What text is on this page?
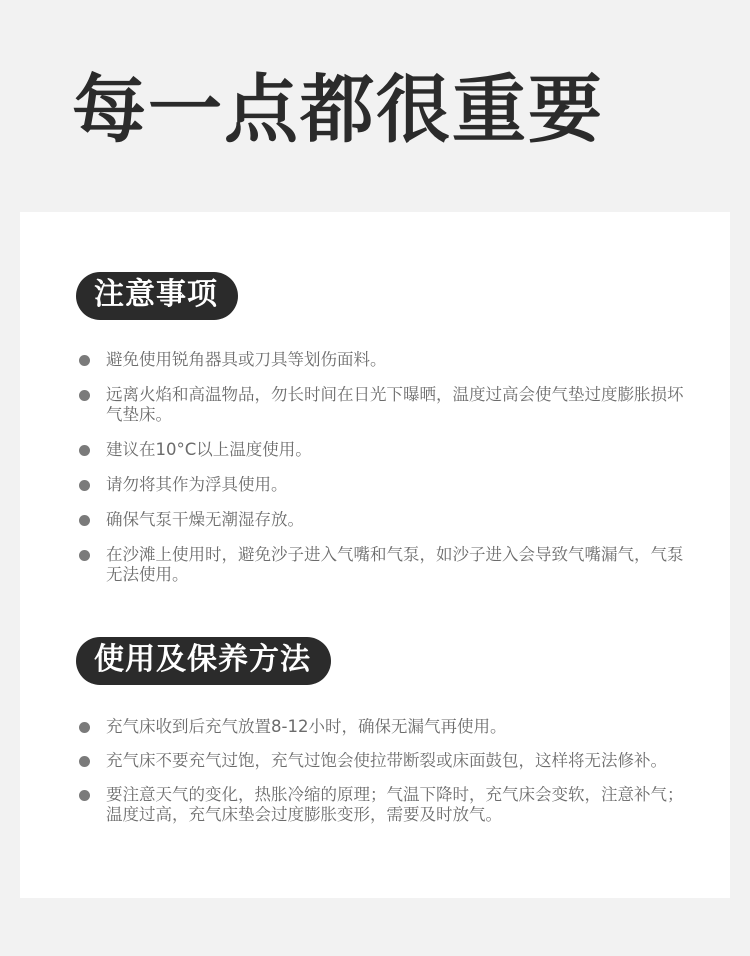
每一点都很重要
注意事项
避免使用锐角器具或刀具等划伤面料。
远离火焰和高温物品，勿长时间在日光下曝晒，温度过高会使气垫过度膨胀损坏气垫床。
建议在10°C以上温度使用。
请勿将其作为浮具使用。
确保气泵干燥无潮湿存放。
在沙滩上使用时，避免沙子进入气嘴和气泵，如沙子进入会导致气嘴漏气，气泵无法使用。
使用及保养方法
充气床收到后充气放置8-12小时，确保无漏气再使用。
充气床不要充气过饱，充气过饱会使拉带断裂或床面鼓包，这样将无法修补。
要注意天气的变化，热胀冷缩的原理；气温下降时，充气床会变软，注意补气；温度过高，充气床垫会过度膨胀变形，需要及时放气。
